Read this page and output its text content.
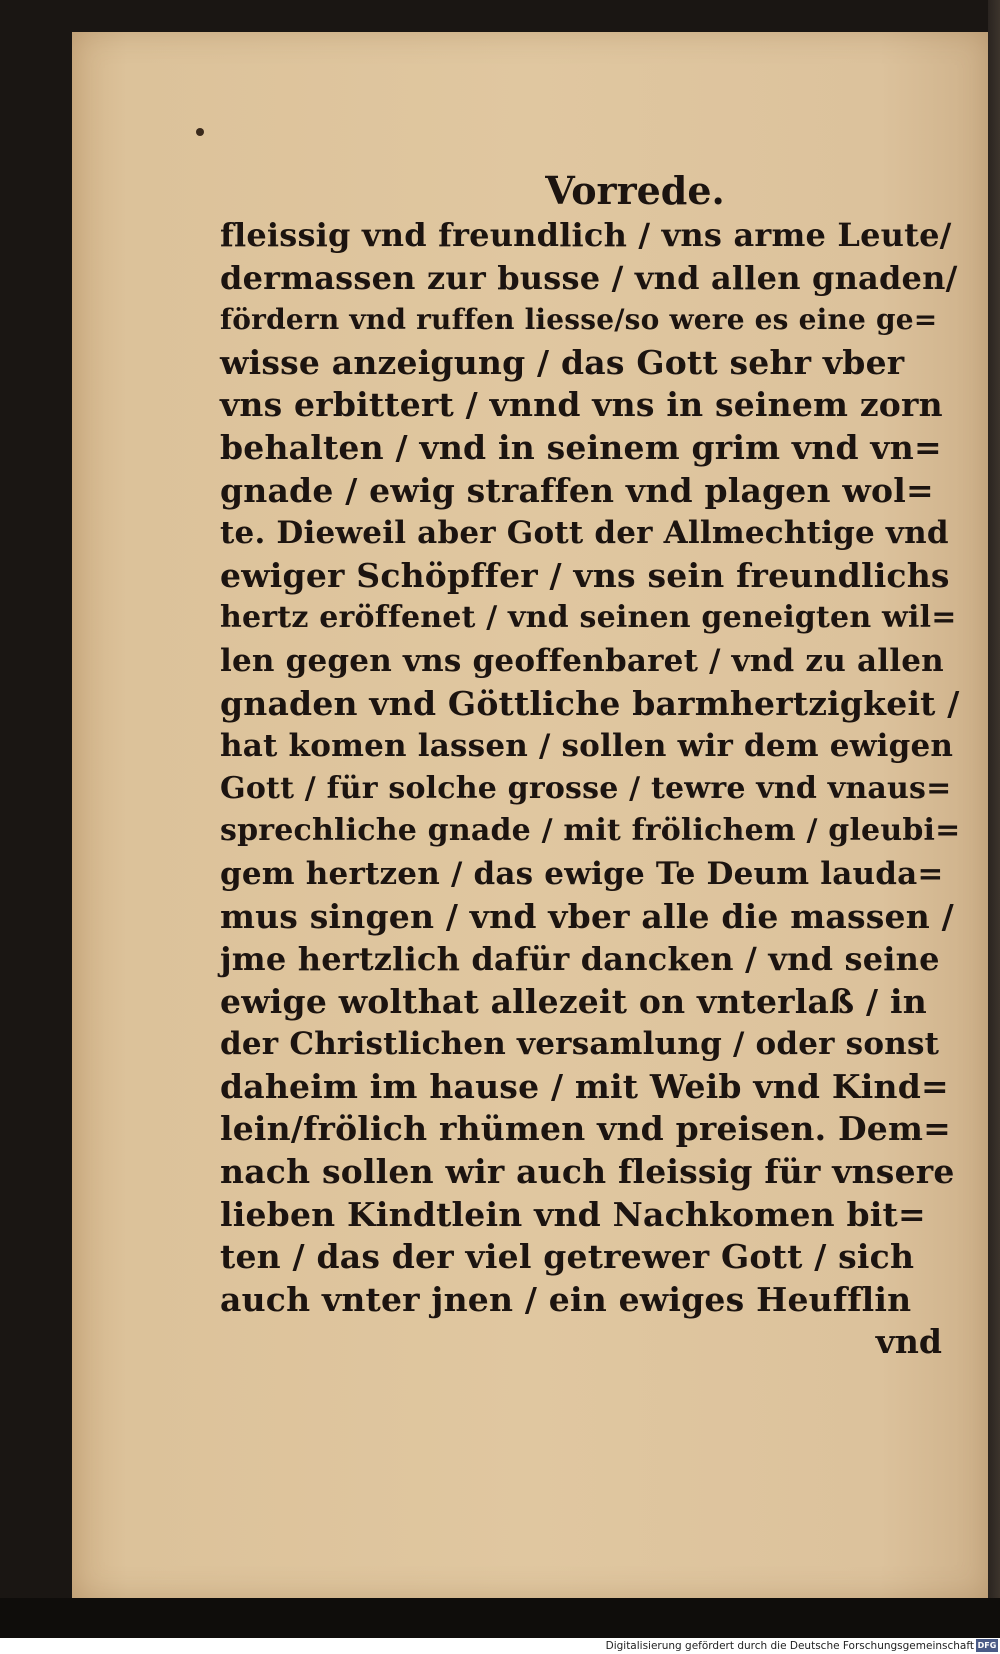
Vorrede.
fleissig vnd freundlich / vns arme Leute/
dermassen zur busse / vnd allen gnaden/
fördern vnd ruffen liesse/so were es eine ge=
wisse anzeigung / das Gott sehr vber
vns erbittert / vnnd vns in seinem zorn
behalten / vnd in seinem grim vnd vn=
gnade / ewig straffen vnd plagen wol=
te. Dieweil aber Gott der Allmechtige vnd
ewiger Schöpffer / vns sein freundlichs
hertz eröffenet / vnd seinen geneigten wil=
len gegen vns geoffenbaret / vnd zu allen
gnaden vnd Göttliche barmhertzigkeit /
hat komen lassen / sollen wir dem ewigen
Gott / für solche grosse / tewre vnd vnaus=
sprechliche gnade / mit frölichem / gleubi=
gem hertzen / das ewige Te Deum lauda=
mus singen / vnd vber alle die massen /
jme hertzlich dafür dancken / vnd seine
ewige wolthat allezeit on vnterlaß / in
der Christlichen versamlung / oder sonst
daheim im hause / mit Weib vnd Kind=
lein/frölich rhümen vnd preisen. Dem=
nach sollen wir auch fleissig für vnsere
lieben Kindtlein vnd Nachkomen bit=
ten / das der viel getrewer Gott / sich
auch vnter jnen / ein ewiges Heufflin
vnd
Digitalisierung gefördert durch die Deutsche Forschungsgemeinschaft DFG
